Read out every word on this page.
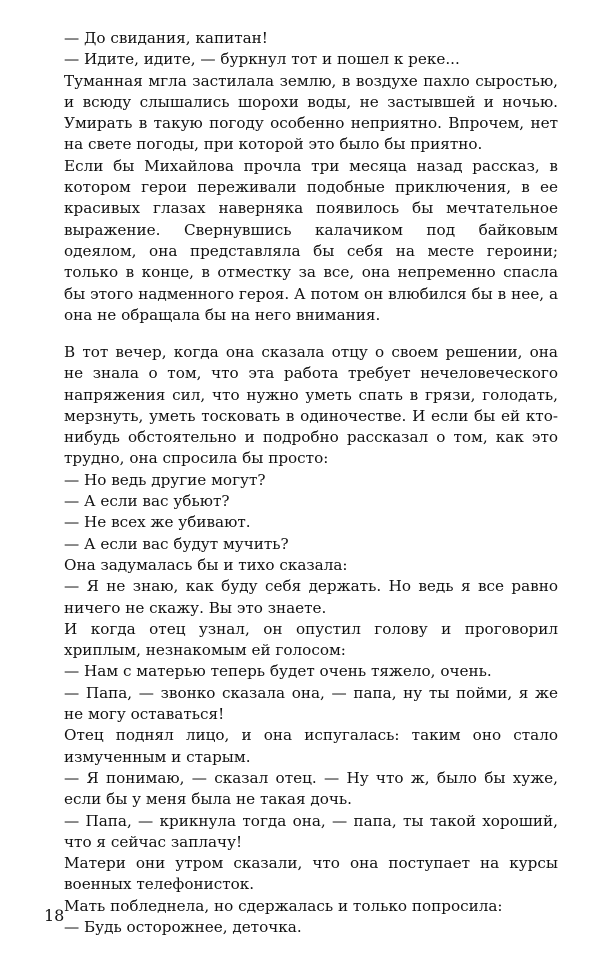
— До свидания, капитан!

— Идите, идите, — буркнул тот и пошел к реке...

Туманная мгла застилала землю, в воздухе пахло сыростью, и всюду слышались шорохи воды, не застывшей и ночью. Умирать в такую погоду особенно неприятно. Впрочем, нет на свете погоды, при которой это было бы приятно.

Если бы Михайлова прочла три месяца назад рассказ, в котором герои переживали подобные приключения, в ее красивых глазах наверняка появилось бы мечтательное выражение. Свернувшись калачиком под байковым одеялом, она представляла бы себя на месте героини; только в конце, в отместку за все, она непременно спасла бы этого надменного героя. А потом он влюбился бы в нее, а она не обращала бы на него внимания.

В тот вечер, когда она сказала отцу о своем решении, она не знала о том, что эта работа требует нечеловеческого напряжения сил, что нужно уметь спать в грязи, голодать, мерзнуть, уметь тосковать в одиночестве. И если бы ей кто-нибудь обстоятельно и подробно рассказал о том, как это трудно, она спросила бы просто:

— Но ведь другие могут?

— А если вас убьют?

— Не всех же убивают.

— А если вас будут мучить?

Она задумалась бы и тихо сказала:

— Я не знаю, как буду себя держать. Но ведь я все равно ничего не скажу. Вы это знаете.

И когда отец узнал, он опустил голову и проговорил хриплым, незнакомым ей голосом:

— Нам с матерью теперь будет очень тяжело, очень.

— Папа, — звонко сказала она, — папа, ну ты пойми, я же не могу оставаться!

Отец поднял лицо, и она испугалась: таким оно стало измученным и старым.

— Я понимаю, — сказал отец. — Ну что ж, было бы хуже, если бы у меня была не такая дочь.

— Папа, — крикнула тогда она, — папа, ты такой хороший, что я сейчас заплачу!

Матери они утром сказали, что она поступает на курсы военных телефонисток.

Мать побледнела, но сдержалась и только попросила:

— Будь осторожнее, деточка.

18
